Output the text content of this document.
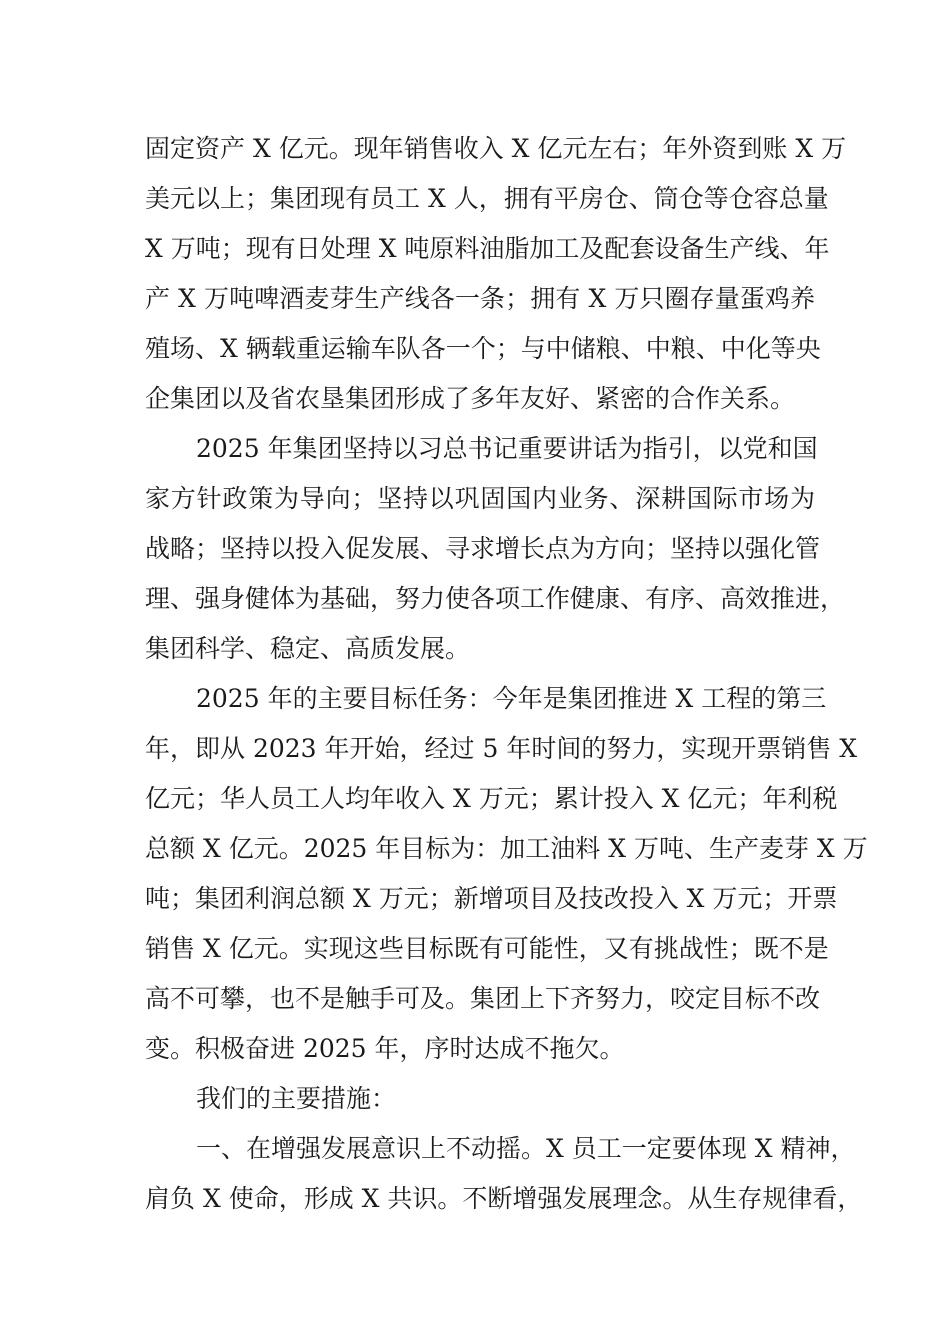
固定资产 X 亿元。现年销售收入 X 亿元左右；年外资到账 X 万
美元以上；集团现有员工 X 人，拥有平房仓、筒仓等仓容总量
X 万吨；现有日处理 X 吨原料油脂加工及配套设备生产线、年
产 X 万吨啤酒麦芽生产线各一条；拥有 X 万只圈存量蛋鸡养
殖场、X 辆载重运输车队各一个；与中储粮、中粮、中化等央
企集团以及省农垦集团形成了多年友好、紧密的合作关系。
2025 年集团坚持以习总书记重要讲话为指引，以党和国
家方针政策为导向；坚持以巩固国内业务、深耕国际市场为
战略；坚持以投入促发展、寻求增长点为方向；坚持以强化管
理、强身健体为基础，努力使各项工作健康、有序、高效推进，
集团科学、稳定、高质发展。
2025 年的主要目标任务：今年是集团推进 X 工程的第三
年，即从 2023 年开始，经过 5 年时间的努力，实现开票销售 X
亿元；华人员工人均年收入 X 万元；累计投入 X 亿元；年利税
总额 X 亿元。2025 年目标为：加工油料 X 万吨、生产麦芽 X 万
吨；集团利润总额 X 万元；新增项目及技改投入 X 万元；开票
销售 X 亿元。实现这些目标既有可能性，又有挑战性；既不是
高不可攀，也不是触手可及。集团上下齐努力，咬定目标不改
变。积极奋进 2025 年，序时达成不拖欠。
我们的主要措施：
一、在增强发展意识上不动摇。X 员工一定要体现 X 精神，
肩负 X 使命，形成 X 共识。不断增强发展理念。从生存规律看，
